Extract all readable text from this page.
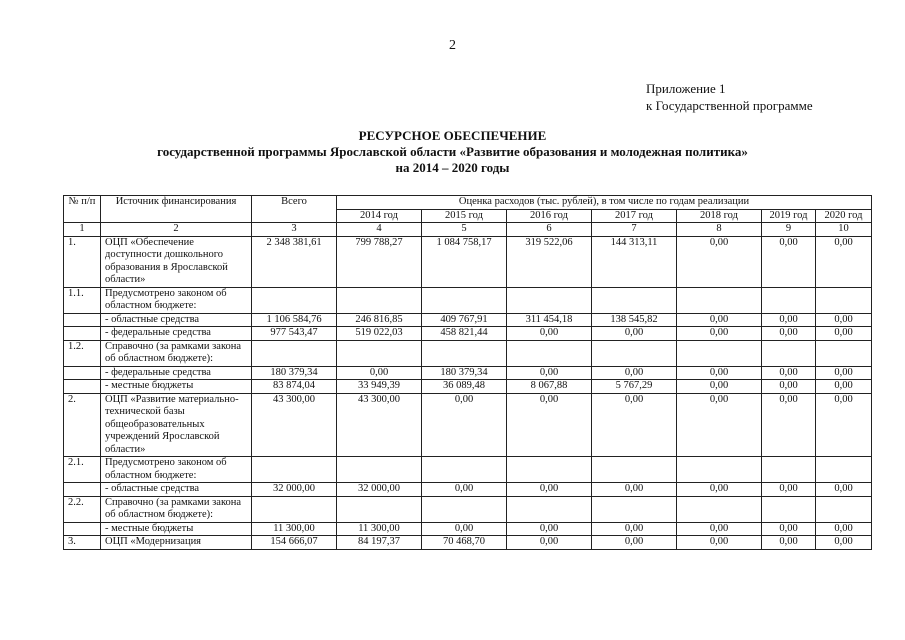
2
Приложение 1
к Государственной программе
РЕСУРСНОЕ ОБЕСПЕЧЕНИЕ
государственной программы Ярославской области «Развитие образования и молодежная политика»
на 2014 – 2020 годы
№ п/п	Источник финансирования	Всего	Оценка расходов (тыс. рублей), в том числе по годам реализации						
			2014 год	2015 год	2016 год	2017 год	2018 год	2019 год	2020 год
1	2	3	4	5	6	7	8	9	10
1.	ОЦП «Обеспечение доступности дошкольного образования в Ярославской области»	2 348 381,61	799 788,27	1 084 758,17	319 522,06	144 313,11	0,00	0,00	0,00
1.1.	Предусмотрено законом об областном бюджете:								
	- областные средства	1 106 584,76	246 816,85	409 767,91	311 454,18	138 545,82	0,00	0,00	0,00
	- федеральные средства	977 543,47	519 022,03	458 821,44	0,00	0,00	0,00	0,00	0,00
1.2.	Справочно (за рамками закона об областном бюджете):								
	- федеральные средства	180 379,34	0,00	180 379,34	0,00	0,00	0,00	0,00	0,00
	- местные бюджеты	83 874,04	33 949,39	36 089,48	8 067,88	5 767,29	0,00	0,00	0,00
2.	ОЦП «Развитие материально-технической базы общеобразовательных учреждений Ярославской области»	43 300,00	43 300,00	0,00	0,00	0,00	0,00	0,00	0,00
2.1.	Предусмотрено законом об областном бюджете:								
	- областные средства	32 000,00	32 000,00	0,00	0,00	0,00	0,00	0,00	0,00
2.2.	Справочно (за рамками закона об областном бюджете):								
	- местные бюджеты	11 300,00	11 300,00	0,00	0,00	0,00	0,00	0,00	0,00
3.	ОЦП «Модернизация	154 666,07	84 197,37	70 468,70	0,00	0,00	0,00	0,00	0,00
